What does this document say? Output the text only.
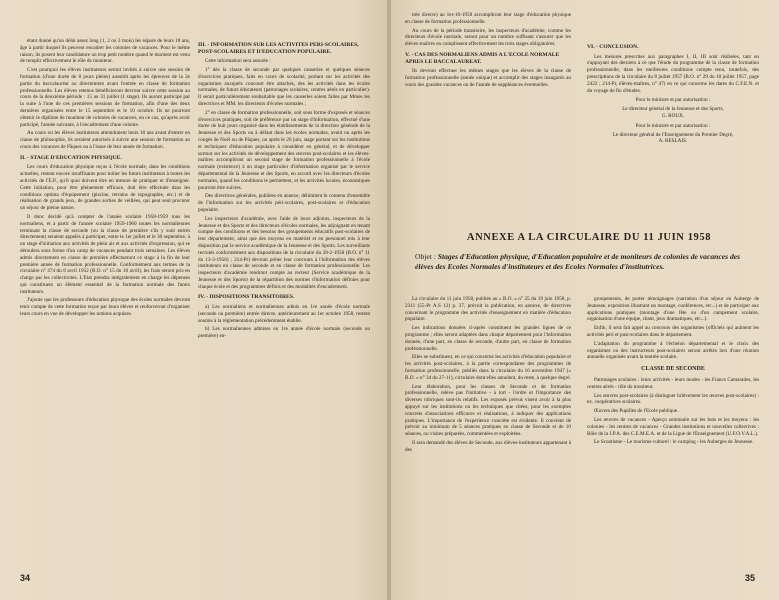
étant donné qu'un délai assez long (1, 2 ou 3 mois) les sépare de leurs 18 ans, âge à partir duquel ils peuvent encadrer les colonies de vacances. Pour le même raison, ils posent leur candidature un trop petit nombre quand le moment est venu de remplir effectivement le rôle de moniteur.

C'est pourquoi les élèves instituteurs seront invités à suivre une session de formation (d'une durée de 8 jours pleins) aussitôt après les épreuves de la 2e partie du baccalauréat ou directement avant l'entrée en classe de formation professionnelle. Les élèves retenus bénéficieront devront suivre cette session au cours de la deuxième période : 15 au 31 juillet (1 stage). Ils auront participé par la suite à l'une de ces premières sessions de formation, afin d'une des deux dernières organisées entre le 15 septembre et le 10 octobre. Ils ne pourront obtenir le diplôme de moniteur de colonies de vacances, en ce cas, qu'après avoir participé, l'année suivante, à l'encadrement d'une colonie.

Au cours où les élèves instituteurs atteindraient leurs 18 ans avant d'entrer en classe de philosophie, ils seraient autorisés à suivre une session de formation au cours des vacances de Pâques ou à l'issue de leur année de formation.

II. - STAGE D'EDUCATION PHYSIQUE.

Les cours d'éducation physique reçus à l'école normale, dans les conditions actuelles, restent encore insuffisants pour initier les futurs instituteurs à toutes les activités de l'E.P., qu'il quoi doivent être en mesure de pratiquer et d'enseigner. Cette initiation, pour être pleinement efficace, doit être effectuée dans les conditions optima d'équipement (piscine, terrains de topographie, etc.) et de réalisation de grands jeux, de grandes sorties de veillées, qui peut seul procurer un séjour de pleine nature.

Il donc décidé qu'à compter de l'année scolaire 1958-1959 tous les normaliens, et à partir de l'année scolaire 1959-1960 toutes les normaliennes terminant la classe de seconde (ou la classe de première s'ils y sont entrés directement) seraient appelés à participer, entre le 1er juillet et le 30 septembre, à un stage d'initiation aux activités de plein air et aux activités d'expression, qui se déroulera sous forme d'un camp de vacances pendant trois semaines. Les élèves admis directement en classe de première effectueront ce stage à la fin de leur première année de formation professionnelle. Conformément aux termes de la circulaire n° 474 du 8 avril 1952 (B.O. n° 15 du 10 avril), les frais seront pris en charge par les collectivités. L'Etat prendra intégralement en charge les dépenses qui constituent un élément essentiel de la formation normale des futurs instituteurs.

J'ajoute que les professeurs d'éducation physique des écoles normales devront tenir compte de cette formation reçue par leurs élèves et renforceront d'organiser leurs cours en vue de développer les notions acquises.

III. - INFORMATION SUR LES ACTIVITES PERI-SCOLAIRES, POST-SCOLAIRES ET D'EDUCATION POPULAIRE.

Cette information sera assurée :

1° dès la classe de seconde par quelques causeries et quelques séances d'exercices pratiques, faits en cours de scolarité, portant sur les activités des organismes auxquels concourt être attachés, des les activités dans les écoles normales, de futurs éducateurs (patronages scolaires, centres aérés en particulier). Il serait particulièrement souhaitable que les causeries soient faites par Mmes les directrices et MM. les directeurs d'écoles normales ;

2° en classe de formation professionnelle, soit sous forme d'exposés et séances d'exercices pratiques, soit de préférence par un stage d'information, effectué d'une durée de huit jours organisé dans les établissements de la direction générale de la Jeunesse et des Sports ou à défaut dans les écoles normales, avant ou après les congés de Noël ou de Pâques, ou après le 20 juin, stage portant sur les institutions et techniques d'éducation populaire à considérer en général, et de développer surtout sur les activités de développement des œuvres post-scolaires et les élèves-maîtres accompliront un second stage de formation professionnelle à l'école normale (existence) à un stage particulier d'information organisé par le service départemental de la Jeunesse et des Sports, en accord avec les directeurs d'écoles normales, quand les conditions le permettent, et les activités locales, économiques pourront être suivies.

Des directives générales, publiées en annexe, délimitent le contenu d'ensemble de l'information sur les activités péri-scolaires, post-scolaires et d'éducation populaire.

Les inspecteurs d'académie, avec l'aide de leurs adjoints, inspecteurs de la Jeunesse et des Sports et des directeurs d'écoles normales, les adjoignant en tenant compte des conditions et des besoins des groupements éducatifs post-scolaires de leur département, ainsi que des moyens en matériel et en personnel mis à leur disposition par le service académique de la Jeunesse et des Sports. Les surveillants recrutés conformément aux dispositions de la circulaire du 28-2-1958 (B.O. n° 11 du 13-3-1958) ; 214-Pr) devront prêter leur concours à l'information des élèves instituteurs en classe de seconde et en classe de formation professionnelle. Les inspecteurs d'académie rendront compte au recteur (Service académique de la Jeunesse et des Sports) de la répartition des normes d'information définies pour chaque école et des programmes définis et des modalités d'encadrement.

IV. - DISPOSITIONS TRANSITOIRES.

a) Les normaliens et normaliennes admis en 1re année d'école normale (seconde ou première) entrée directe, antérieurement au 1er octobre 1958, restent soumis à la réglementation précédemment établie.

b) Les normaliennes admises en 1re année d'école normale (seconde ou première) en-

34

trée directe) au 1er-10-1958 accompliront leur stage d'éducation physique en classe de formation professionnelle.

Au cours de la période transitoire, les inspecteurs d'académie, comme les directeurs d'école normale, seront pour un nombre suffisant s'assurer que les élèves-maîtres en complissent effectivement les trois stages obligatoires.

V. - CAS DES NORMALIENS ADMIS A L'ECOLE NORMALE APRES LE BACCALAUREAT.

Ils devront effectuer les mêmes stages que les élèves de la classe de formation professionnelle (année unique) et accomplir des stages inaugurés au cours des grandes vacances ou de l'année de suppléances éventuelles.

VI. - CONCLUSION.

Les mesures prescrites aux paragraphes I, II, III sont réalisées, tant en s'appuyant des derniers à ce que l'étude du programme de la classe de formation professionnelle, dans les meilleures conditions compte tenu, toutefois, des prescriptions de la circulaire du 8 juillet 1957 (B.O. n° 29 du 18 juillet 1957, page 2423 ; 214-Pr, élèves-maîtres, n° 47) en ce qui concerne les dates du C.F.E.N. et du voyage de fin d'études.

Pour le ministre et par autorisation :

Le directeur général de la Jeunesse et des Sports,

G. ROUX.

Pour le ministre et par autorisation :

Le directeur général de l'Enseignement du Premier Degré,

A. BESLAIS.

ANNEXE A LA CIRCULAIRE DU 11 JUIN 1958
Objet : Stages d'Education physique, d'Education populaire et de moniteurs de colonies de vacances des élèves des Ecoles Normales d'instituteurs et des Ecoles Normales d'institutrices.

La circulaire du 11 juin 1958, publiée au « B.O. » n° 25 du 19 juin 1958, p. 2311 (55-Pr A.S 12) p. 37, prévoit la publication, en annexe, de directives concernant le programme des activités d'enseignement en matière d'éducation populaire.

Les indications données ci-après constituent les grandes lignes de ce programme ; elles seront adaptées dans chaque département pour l'information donnée, d'une part, en classe de seconde, d'autre part, en classe de formation professionnelle.

Elles se substituent, en ce qui concerne les activités d'éducation populaire et les activités post-scolaires, à la partie correspondante des programmes de formation professionnelle, publiés dans la circulaire du 16 novembre 1947 (« B.O. » n° 34 du 27-11), circulaire dont elles annulent, du reste, à quelque degré.

Leur élaboration, pour les classes de Seconde et de formation professionnelle, relève pas l'initiative - à tort - l'ordre et l'importance des diverses rubriques sont-ils relatifs. Les exposés prévus visent avoir à la plus appuyé sur les institutions ou les techniques que citées, pour les exemples concrets d'associations efficaces et réalisations, à indiquer des applications pratiques. L'importance de l'expérience concrète est évidente. Il convient de prévoir au minimum de 5 séances pratiques en classe de Seconde et de 10 séances, ou visites préparées, commentées et exploitées.

Il sera demandé des élèves de Seconde, aux élèves-instituteurs appartenant à des

groupements, de porter témoignages (narration d'un séjour en Auberge de Jeunesse, exposition illustrant un montage, conférences, etc...) et de participer aux applications pratiques (montage d'une fête ou d'un campement scolaire, organisation d'une équipe, chant, jeux dramatiques, etc...).

Enfin, il sera fait appel au concours des organismes (officiels qui animent les activités péri et post-scolaires dans le département.

L'adaptation du programme à l'échelon départemental et le choix des organismes ou des instructeurs post-scolaires seront arrêtés lors d'une réunion annuelle organisée avant la rentrée scolaire.

CLASSE DE SECONDE

Patronages scolaires : leurs activités - leurs modes - les Francs Camarades, les centres aérés - rôle du moniteur.

Les œuvres post-scolaires (à distinguer brièvement les œuvres post-scolaires) : ex. coopératives scolaires.

Œuvres des Pupilles de l'Ecole publique.

Les œuvres de vacances - Aperçu sommaire sur les buts et les moyens : les colonies - les centres de vacances - Grandes institutions et nouvelles collectives : Rôle de la J.P.A. des C.E.M.E.A. et de la Ligue de l'Enseignement (U.F.O.V.A.L.).

Le Scoutisme - Le tourisme culturel : le camping - les Auberges de Jeunesse.

35
